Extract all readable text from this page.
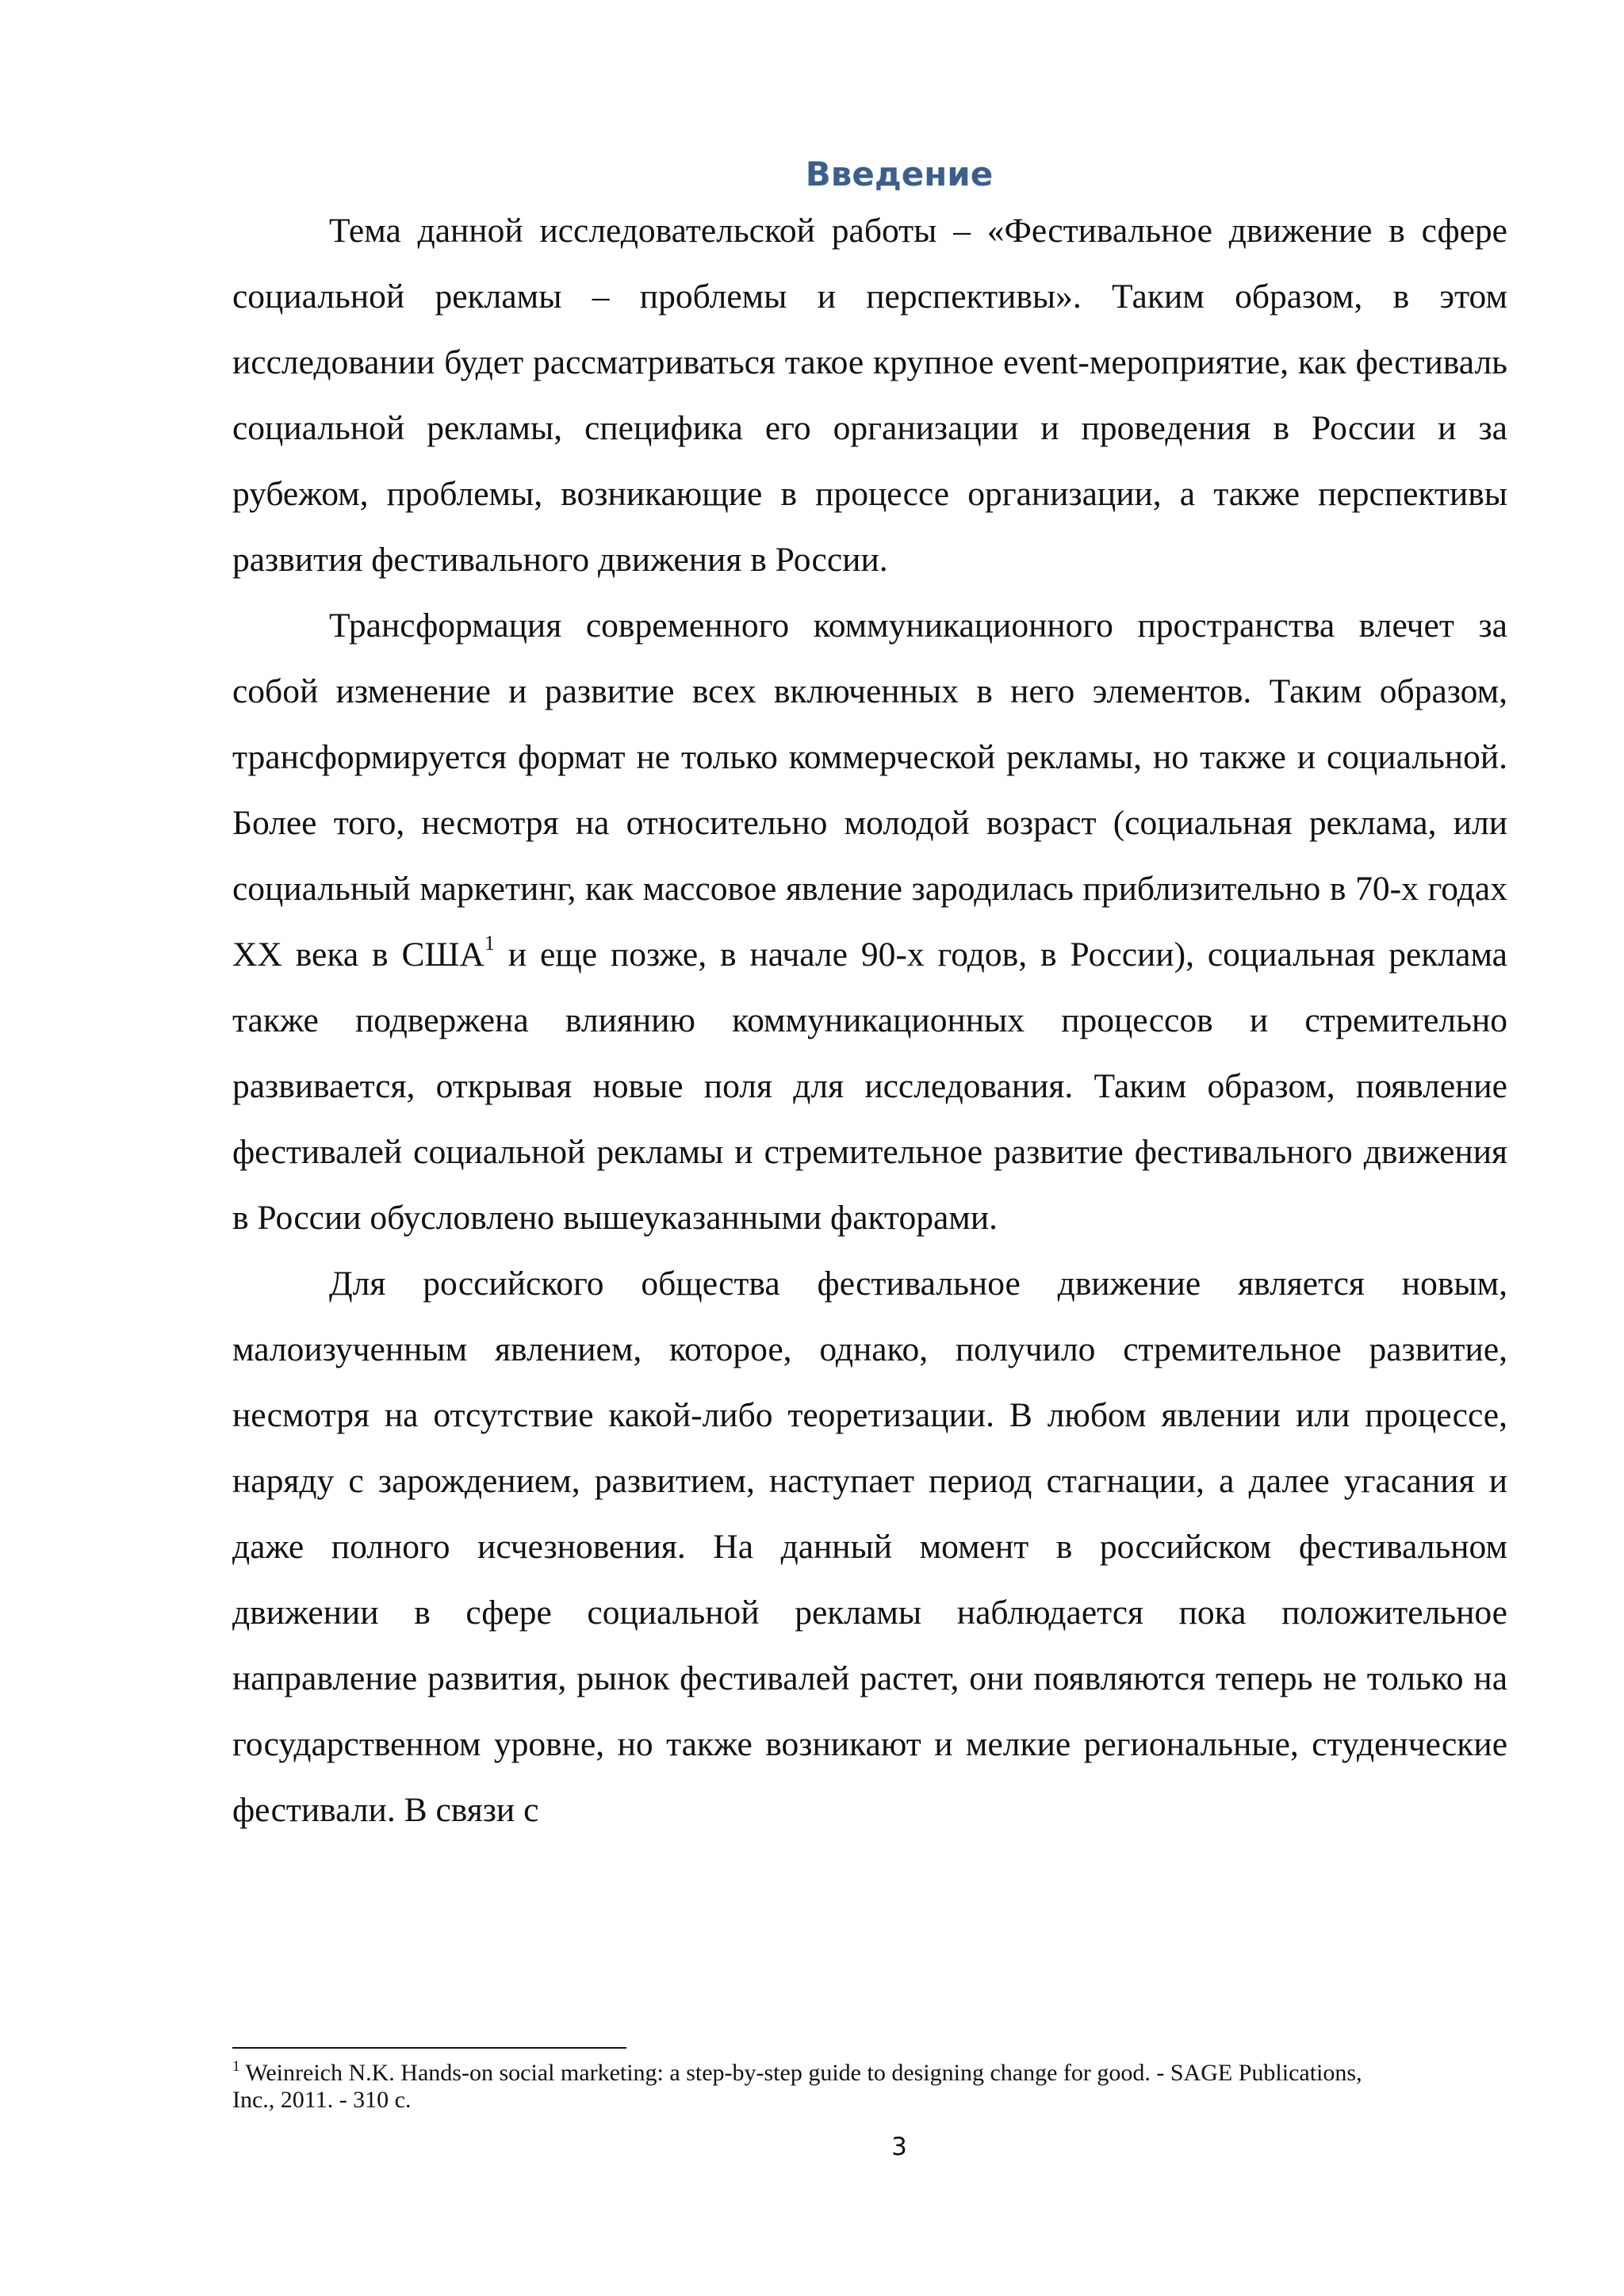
Введение

Тема данной исследовательской работы – «Фестивальное движение в сфере социальной рекламы – проблемы и перспективы». Таким образом, в этом исследовании будет рассматриваться такое крупное event-мероприятие, как фестиваль социальной рекламы, специфика его организации и проведения в России и за рубежом, проблемы, возникающие в процессе организации, а также перспективы развития фестивального движения в России.

Трансформация современного коммуникационного пространства влечет за собой изменение и развитие всех включенных в него элементов. Таким образом, трансформируется формат не только коммерческой рекламы, но также и социальной. Более того, несмотря на относительно молодой возраст (социальная реклама, или социальный маркетинг, как массовое явление зародилась приблизительно в 70-х годах XX века в США$^1$ и еще позже, в начале 90-х годов, в России), социальная реклама также подвержена влиянию коммуникационных процессов и стремительно развивается, открывая новые поля для исследования. Таким образом, появление фестивалей социальной рекламы и стремительное развитие фестивального движения в России обусловлено вышеуказанными факторами.

Для российского общества фестивальное движение является новым, малоизученным явлением, которое, однако, получило стремительное развитие, несмотря на отсутствие какой-либо теоретизации. В любом явлении или процессе, наряду с зарождением, развитием, наступает период стагнации, а далее угасания и даже полного исчезновения. На данный момент в российском фестивальном движении в сфере социальной рекламы наблюдается пока положительное направление развития, рынок фестивалей растет, они появляются теперь не только на государственном уровне, но также возникают и мелкие региональные, студенческие фестивали. В связи с

$^1$ Weinreich N.K. Hands-on social marketing: a step-by-step guide to designing change for good. - SAGE Publications, Inc., 2011. - 310 с.
3
